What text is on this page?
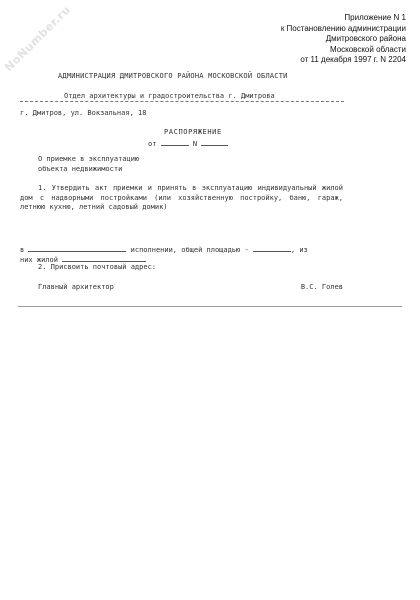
NoNumber.ru	Приложение N 1
к Постановлению администрации
Дмитровского района
Московской области
от 11 декабря 1997 г. N 2204
АДМИНИСТРАЦИЯ ДМИТРОВСКОГО РАЙОНА МОСКОВСКОЙ ОБЛАСТИ
Отдел архитектуры и градостроительства г. Дмитрова
г. Дмитров, ул. Вокзальная, 18
РАСПОРЯЖЕНИЕ
от	N
О приемке в эксплуатацию
объекта недвижимости
1. Утвердить акт приемки и принять в эксплуатацию индивидуальный жилой дом с надворными постройками (или хозяйственную постройку, баню, гараж, летнюю кухню, летний садовый домик)
в	исполнении, общей площадью -	, из
них жилой
2. Присвоить почтовый адрес:
Главный архитектор	В.С. Голев
